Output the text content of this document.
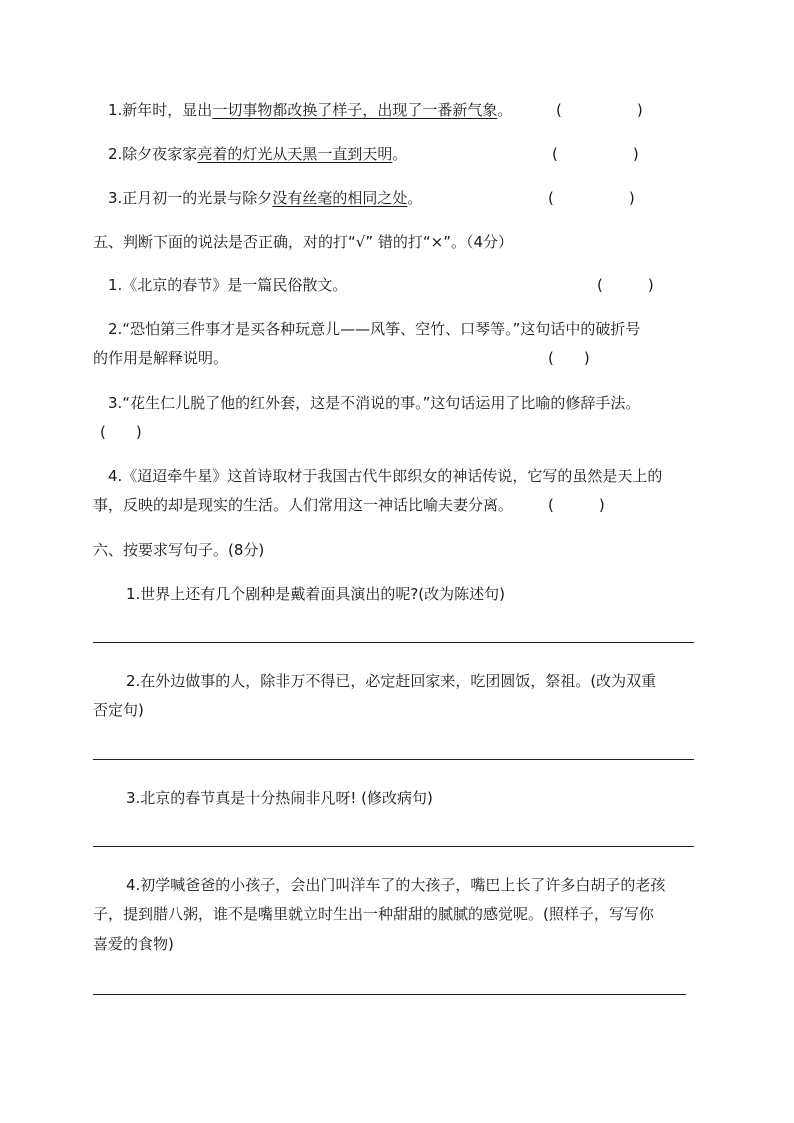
1.新年时，显出一切事物都改换了样子，出现了一番新气象。	(　　　　　)
2.除夕夜家家亮着的灯光从天黑一直到天明。	(　　　　　)
3.正月初一的光景与除夕没有丝毫的相同之处。	(　　　　　)
五、判断下面的说法是否正确，对的打“√” 错的打“×”。（4分）
1.《北京的春节》是一篇民俗散文。	(　　　)
2.“恐怕第三件事才是买各种玩意儿——风筝、空竹、口琴等。”这句话中的破折号
的作用是解释说明。	(　　)
3.“花生仁儿脱了他的红外套，这是不消说的事。”这句话运用了比喻的修辞手法。
(　　)
4.《迢迢牵牛星》这首诗取材于我国古代牛郎织女的神话传说，它写的虽然是天上的
事，反映的却是现实的生活。人们常用这一神话比喻夫妻分离。 (　　　)
六、按要求写句子。(8分)
1.世界上还有几个剧种是戴着面具演出的呢?(改为陈述句)
2.在外边做事的人，除非万不得已，必定赶回家来，吃团圆饭，祭祖。(改为双重
否定句)
3.北京的春节真是十分热闹非凡呀! (修改病句)
4.初学喊爸爸的小孩子，会出门叫洋车了的大孩子，嘴巴上长了许多白胡子的老孩
子，提到腊八粥，谁不是嘴里就立时生出一种甜甜的腻腻的感觉呢。(照样子，写写你
喜爱的食物)
